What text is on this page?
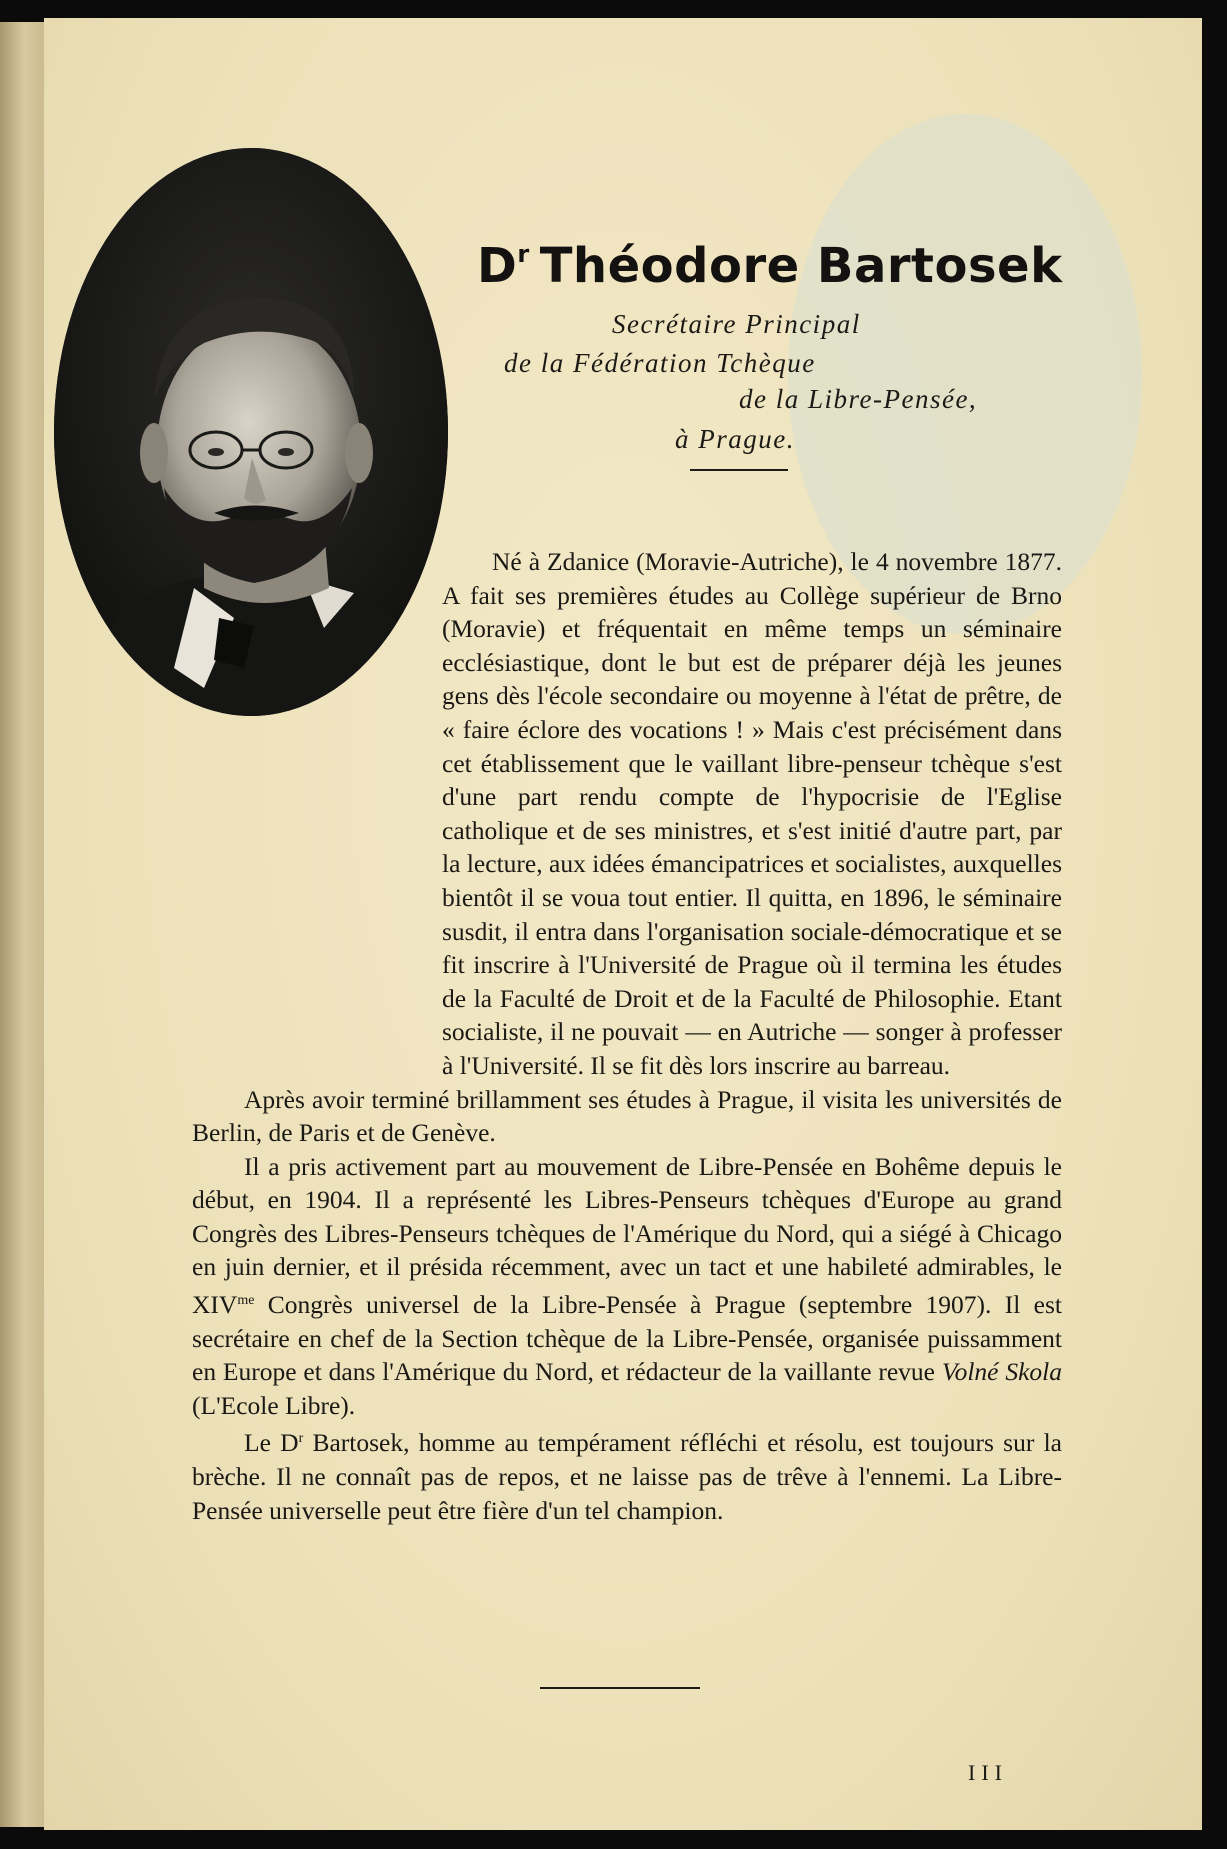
$D^r$ Théodore Bartosek
Secrétaire Principal
de la Fédération Tchèque
de la Libre-Pensée,
à Prague.

Né à Zdanice (Moravie-Autriche), le 4 novembre 1877. A fait ses premières études au Collège supérieur de Brno (Moravie) et fréquentait en même temps un séminaire ecclésiastique, dont le but est de préparer déjà les jeunes gens dès l'école secondaire ou moyenne à l'état de prêtre, de « faire éclore des vocations ! » Mais c'est précisément dans cet établissement que le vaillant libre-penseur tchèque s'est d'une part rendu compte de l'hypocrisie de l'Eglise catholique et de ses ministres, et s'est initié d'autre part, par la lecture, aux idées émancipatrices et socialistes, auxquelles bientôt il se voua tout entier. Il quitta, en 1896, le séminaire susdit, il entra dans l'organisation sociale-démocratique et se fit inscrire à l'Université de Prague où il termina les études de la Faculté de Droit et de la Faculté de Philosophie. Etant socialiste, il ne pouvait — en Autriche — songer à professer à l'Université. Il se fit dès lors inscrire au barreau.

Après avoir terminé brillamment ses études à Prague, il visita les universités de Berlin, de Paris et de Genève.

Il a pris activement part au mouvement de Libre-Pensée en Bohême depuis le début, en 1904. Il a représenté les Libres-Penseurs tchèques d'Europe au grand Congrès des Libres-Penseurs tchèques de l'Amérique du Nord, qui a siégé à Chicago en juin dernier, et il présida récemment, avec un tact et une habileté admirables, le $XIV^{me}$ Congrès universel de la Libre-Pensée à Prague (septembre 1907). Il est secrétaire en chef de la Section tchèque de la Libre-Pensée, organisée puissamment en Europe et dans l'Amérique du Nord, et rédacteur de la vaillante revue Volné Skola (L'Ecole Libre).

Le $D^r$ Bartosek, homme au tempérament réfléchi et résolu, est toujours sur la brèche. Il ne connaît pas de repos, et ne laisse pas de trêve à l'ennemi. La Libre-Pensée universelle peut être fière d'un tel champion.

III
